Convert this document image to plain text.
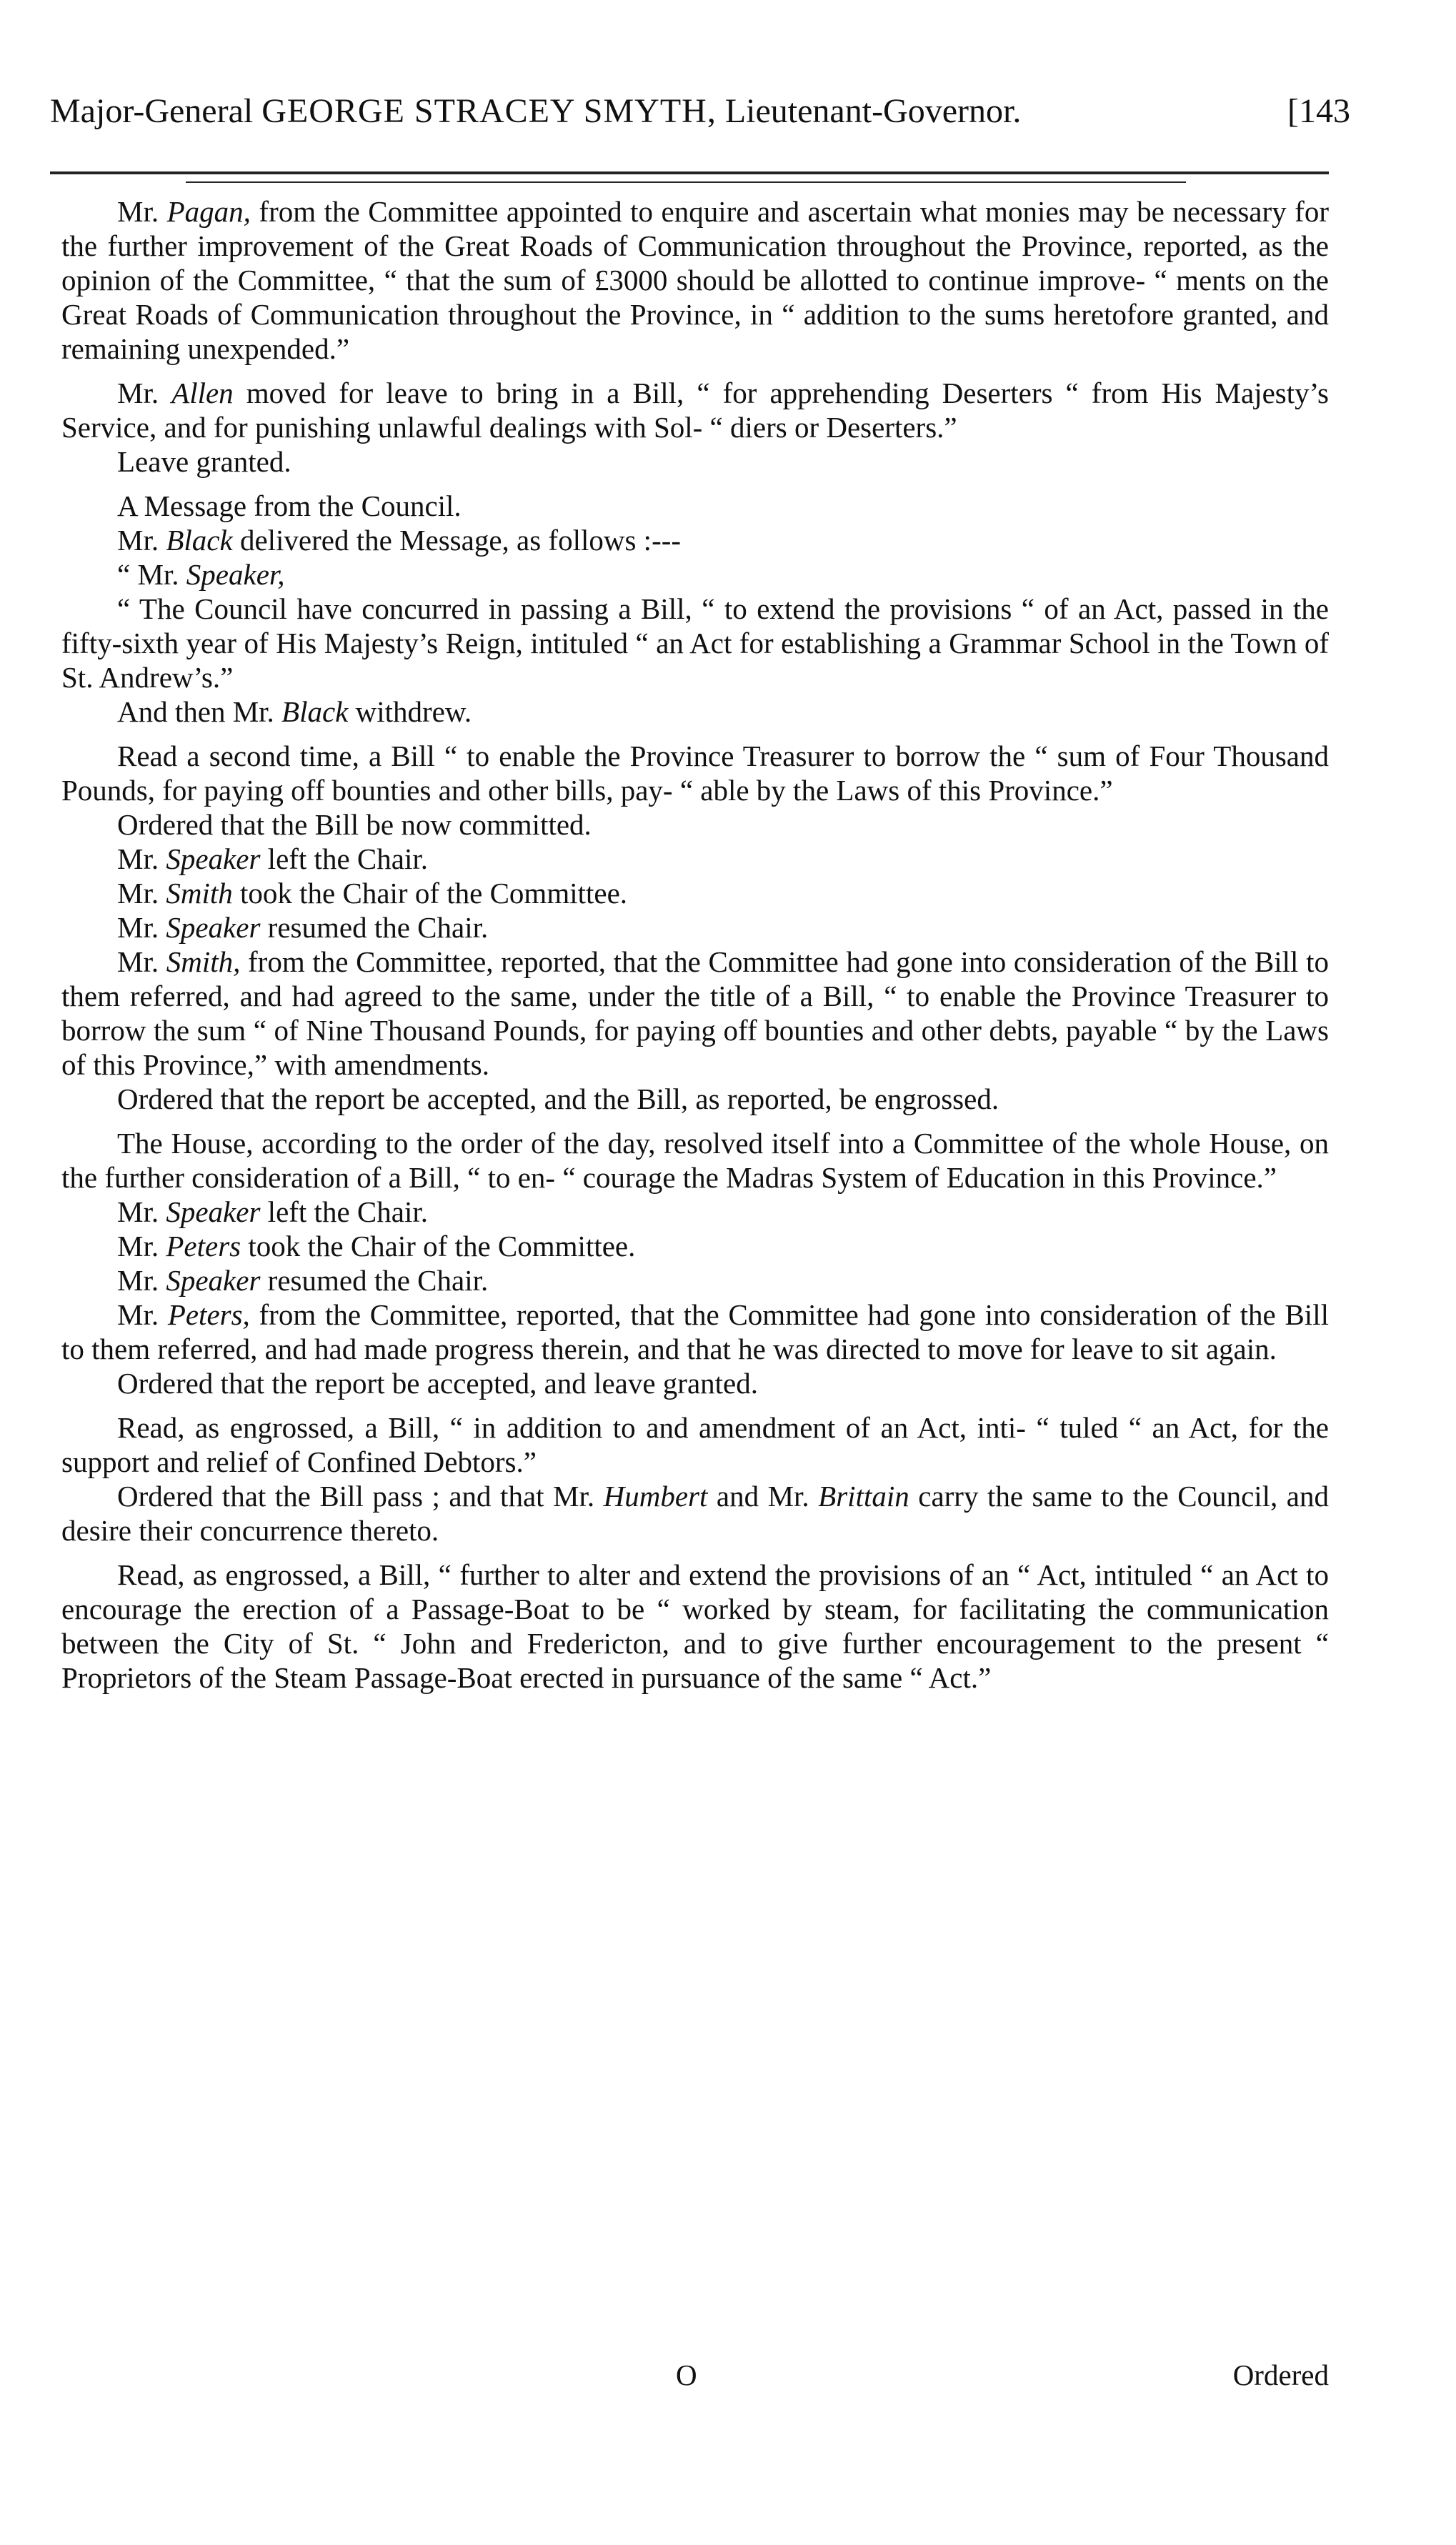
Major-General GEORGE STRACEY SMYTH, Lieutenant-Governor.	[143

Mr. Pagan, from the Committee appointed to enquire and ascertain what monies may be necessary for the further improvement of the Great Roads of Communication throughout the Province, reported, as the opinion of the Committee, “ that the sum of £3000 should be allotted to continue improve- “ ments on the Great Roads of Communication throughout the Province, in “ addition to the sums heretofore granted, and remaining unexpended.”

Mr. Allen moved for leave to bring in a Bill, “ for apprehending Deserters “ from His Majesty’s Service, and for punishing unlawful dealings with Sol- “ diers or Deserters.”

Leave granted.

A Message from the Council.

Mr. Black delivered the Message, as follows :---

“ Mr. Speaker,

“ The Council have concurred in passing a Bill, “ to extend the provisions “ of an Act, passed in the fifty-sixth year of His Majesty’s Reign, intituled “ an Act for establishing a Grammar School in the Town of St. Andrew’s.”

And then Mr. Black withdrew.

Read a second time, a Bill “ to enable the Province Treasurer to borrow the “ sum of Four Thousand Pounds, for paying off bounties and other bills, pay- “ able by the Laws of this Province.”

Ordered that the Bill be now committed.

Mr. Speaker left the Chair.

Mr. Smith took the Chair of the Committee.

Mr. Speaker resumed the Chair.

Mr. Smith, from the Committee, reported, that the Committee had gone into consideration of the Bill to them referred, and had agreed to the same, under the title of a Bill, “ to enable the Province Treasurer to borrow the sum “ of Nine Thousand Pounds, for paying off bounties and other debts, payable “ by the Laws of this Province,” with amendments.

Ordered that the report be accepted, and the Bill, as reported, be engrossed.

The House, according to the order of the day, resolved itself into a Committee of the whole House, on the further consideration of a Bill, “ to en- “ courage the Madras System of Education in this Province.”

Mr. Speaker left the Chair.

Mr. Peters took the Chair of the Committee.

Mr. Speaker resumed the Chair.

Mr. Peters, from the Committee, reported, that the Committee had gone into consideration of the Bill to them referred, and had made progress therein, and that he was directed to move for leave to sit again.

Ordered that the report be accepted, and leave granted.

Read, as engrossed, a Bill, “ in addition to and amendment of an Act, inti- “ tuled “ an Act, for the support and relief of Confined Debtors.”

Ordered that the Bill pass ; and that Mr. Humbert and Mr. Brittain carry the same to the Council, and desire their concurrence thereto.

Read, as engrossed, a Bill, “ further to alter and extend the provisions of an “ Act, intituled “ an Act to encourage the erection of a Passage-Boat to be “ worked by steam, for facilitating the communication between the City of St. “ John and Fredericton, and to give further encouragement to the present “ Proprietors of the Steam Passage-Boat erected in pursuance of the same “ Act.”

O	Ordered
